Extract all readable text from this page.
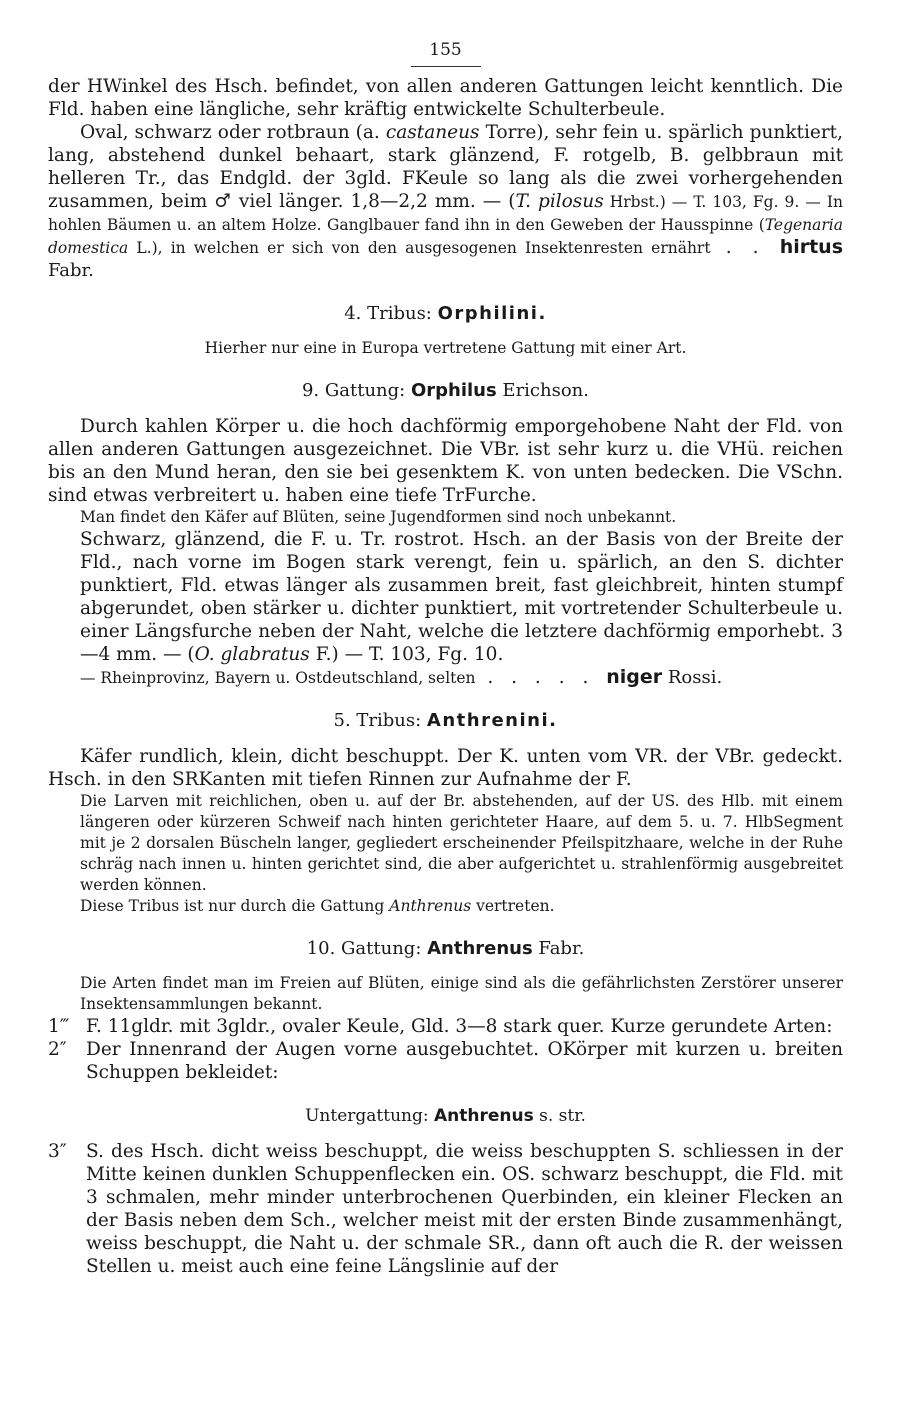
155

der HWinkel des Hsch. befindet, von allen anderen Gattungen leicht kenntlich. Die Fld. haben eine längliche, sehr kräftig entwickelte Schulterbeule.

Oval, schwarz oder rotbraun (a. castaneus Torre), sehr fein u. spärlich punktiert, lang, abstehend dunkel behaart, stark glänzend, F. rotgelb, B. gelbbraun mit helleren Tr., das Endgld. der 3gld. FKeule so lang als die zwei vorhergehenden zusammen, beim ♂ viel länger. 1,8—2,2 mm. — (T. pilosus Hrbst.) — T. 103, Fg. 9. — In hohlen Bäumen u. an altem Holze. Ganglbauer fand ihn in den Geweben der Hausspinne (Tegenaria domestica L.), in welchen er sich von den ausgesogenen Insektenresten ernährt . . hirtus Fabr.

4. Tribus: Orphilini.

Hierher nur eine in Europa vertretene Gattung mit einer Art.

9. Gattung: Orphilus Erichson.

Durch kahlen Körper u. die hoch dachförmig emporgehobene Naht der Fld. von allen anderen Gattungen ausgezeichnet. Die VBr. ist sehr kurz u. die VHü. reichen bis an den Mund heran, den sie bei gesenktem K. von unten bedecken. Die VSchn. sind etwas verbreitert u. haben eine tiefe TrFurche.

Man findet den Käfer auf Blüten, seine Jugendformen sind noch unbekannt.

Schwarz, glänzend, die F. u. Tr. rostrot. Hsch. an der Basis von der Breite der Fld., nach vorne im Bogen stark verengt, fein u. spärlich, an den S. dichter punktiert, Fld. etwas länger als zusammen breit, fast gleichbreit, hinten stumpf abgerundet, oben stärker u. dichter punktiert, mit vortretender Schulterbeule u. einer Längsfurche neben der Naht, welche die letztere dachförmig emporhebt. 3—4 mm. — (O. glabratus F.) — T. 103, Fg. 10.

— Rheinprovinz, Bayern u. Ostdeutschland, selten . . . . . niger Rossi.

5. Tribus: Anthrenini.

Käfer rundlich, klein, dicht beschuppt. Der K. unten vom VR. der VBr. gedeckt. Hsch. in den SRKanten mit tiefen Rinnen zur Aufnahme der F.

Die Larven mit reichlichen, oben u. auf der Br. abstehenden, auf der US. des Hlb. mit einem längeren oder kürzeren Schweif nach hinten gerichteter Haare, auf dem 5. u. 7. HlbSegment mit je 2 dorsalen Büscheln langer, gegliedert erscheinender Pfeilspitzhaare, welche in der Ruhe schräg nach innen u. hinten gerichtet sind, die aber aufgerichtet u. strahlenförmig ausgebreitet werden können.

Diese Tribus ist nur durch die Gattung Anthrenus vertreten.

10. Gattung: Anthrenus Fabr.

Die Arten findet man im Freien auf Blüten, einige sind als die gefährlichsten Zerstörer unserer Insektensammlungen bekannt.

1‴ F. 11gldr. mit 3gldr., ovaler Keule, Gld. 3—8 stark quer. Kurze gerundete Arten:
2″	Der Innenrand der Augen vorne ausgebuchtet. OKörper mit kurzen u. breiten Schuppen bekleidet:
Untergattung: Anthrenus s. str.
3″	S. des Hsch. dicht weiss beschuppt, die weiss beschuppten S. schliessen in der Mitte keinen dunklen Schuppenflecken ein. OS. schwarz beschuppt, die Fld. mit 3 schmalen, mehr minder unterbrochenen Querbinden, ein kleiner Flecken an der Basis neben dem Sch., welcher meist mit der ersten Binde zusammenhängt, weiss beschuppt, die Naht u. der schmale SR., dann oft auch die R. der weissen Stellen u. meist auch eine feine Längslinie auf der
